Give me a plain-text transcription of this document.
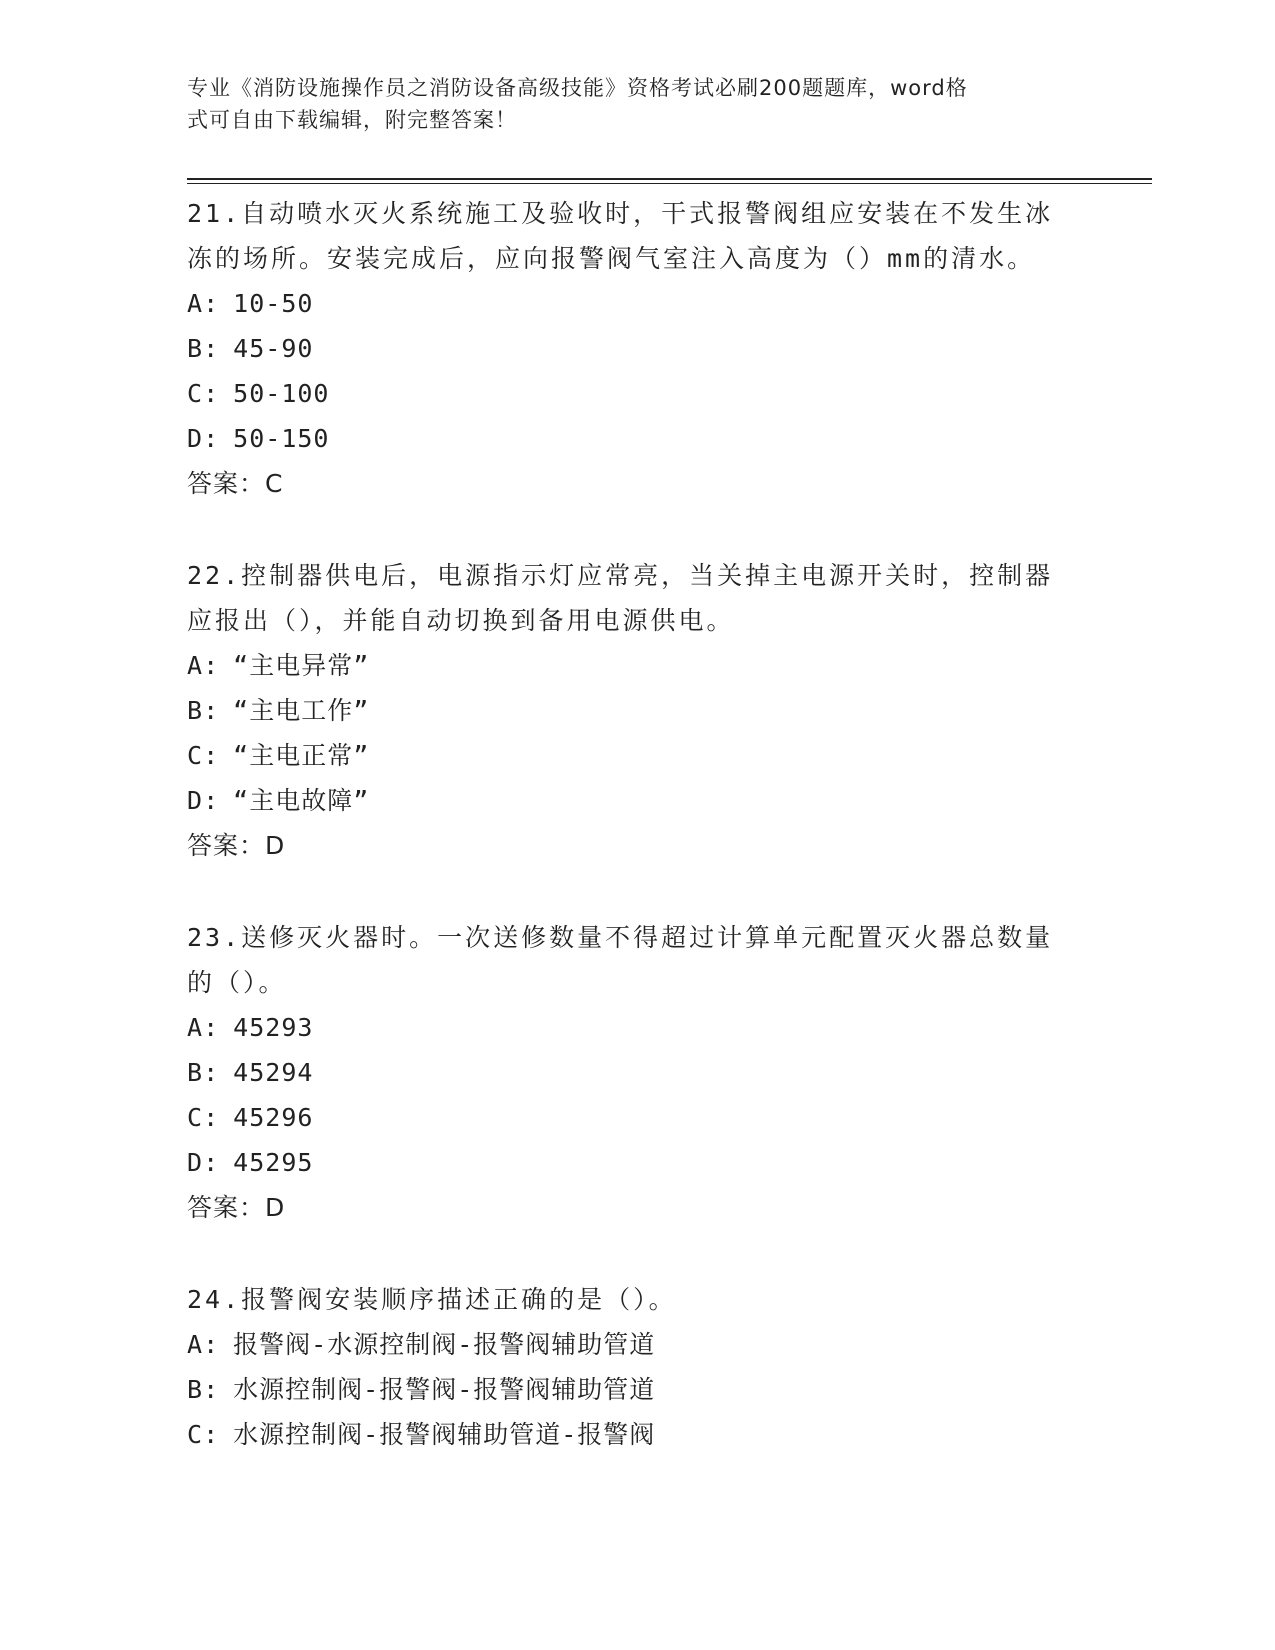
专业《消防设施操作员之消防设备高级技能》资格考试必刷200题题库，word格
式可自由下载编辑，附完整答案！
21.自动喷水灭火系统施工及验收时，干式报警阀组应安装在不发生冰
冻的场所。安装完成后，应向报警阀气室注入高度为（）mm的清水。
A: 10-50
B: 45-90
C: 50-100
D: 50-150
答案：C
22.控制器供电后，电源指示灯应常亮，当关掉主电源开关时，控制器
应报出（），并能自动切换到备用电源供电。
A: “主电异常”
B: “主电工作”
C: “主电正常”
D: “主电故障”
答案：D
23.送修灭火器时。一次送修数量不得超过计算单元配置灭火器总数量
的（）。
A: 45293
B: 45294
C: 45296
D: 45295
答案：D
24.报警阀安装顺序描述正确的是（）。
A: 报警阀-水源控制阀-报警阀辅助管道
B: 水源控制阀-报警阀-报警阀辅助管道
C: 水源控制阀-报警阀辅助管道-报警阀
